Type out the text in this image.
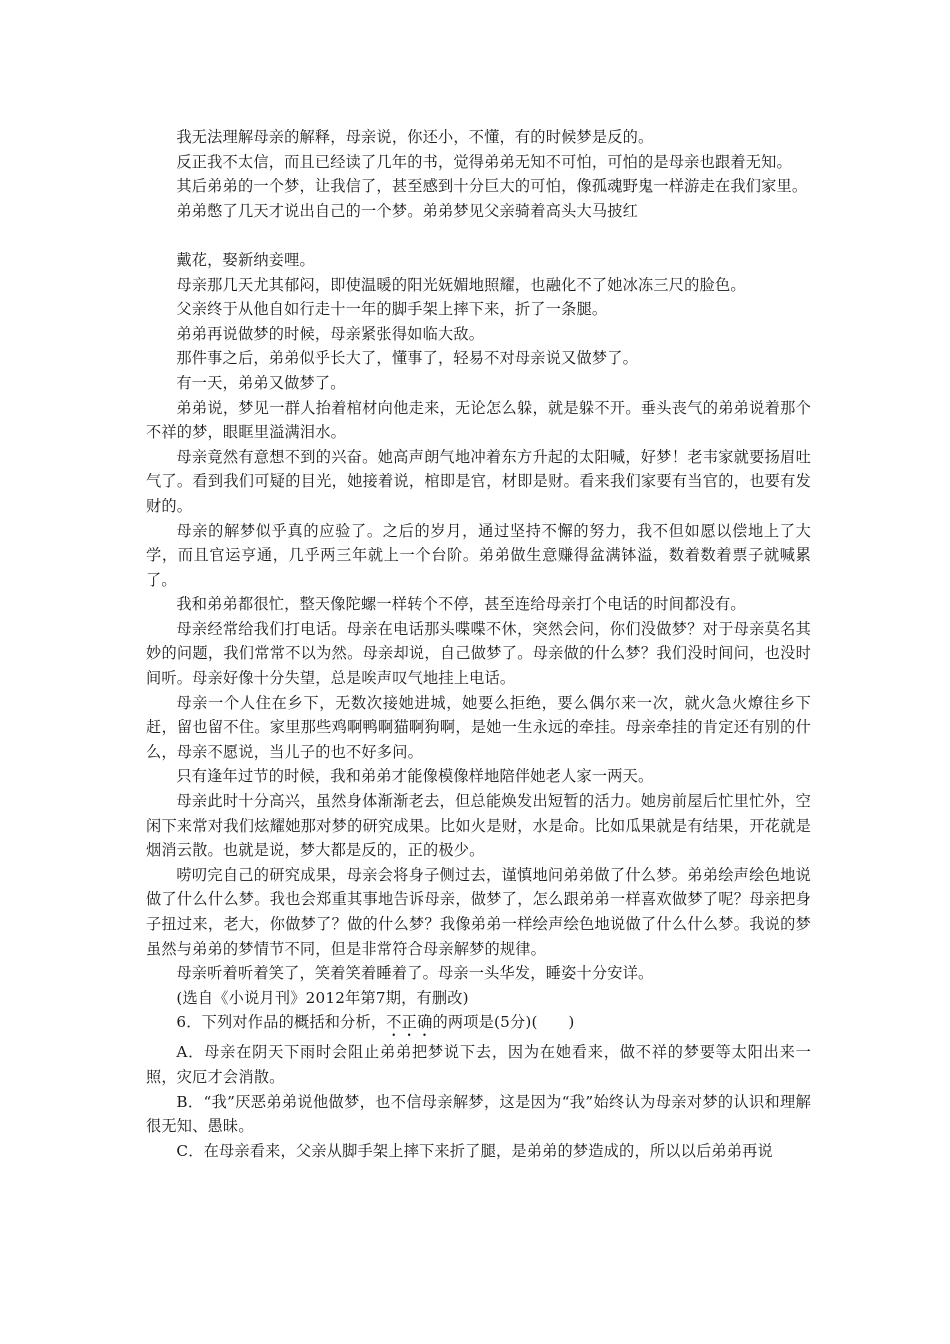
我无法理解母亲的解释，母亲说，你还小，不懂，有的时候梦是反的。

反正我不太信，而且已经读了几年的书，觉得弟弟无知不可怕，可怕的是母亲也跟着无知。

其后弟弟的一个梦，让我信了，甚至感到十分巨大的可怕，像孤魂野鬼一样游走在我们家里。

弟弟憋了几天才说出自己的一个梦。弟弟梦见父亲骑着高头大马披红

戴花，娶新纳妾哩。

母亲那几天尤其郁闷，即使温暖的阳光妩媚地照耀，也融化不了她冰冻三尺的脸色。

父亲终于从他自如行走十一年的脚手架上摔下来，折了一条腿。

弟弟再说做梦的时候，母亲紧张得如临大敌。

那件事之后，弟弟似乎长大了，懂事了，轻易不对母亲说又做梦了。

有一天，弟弟又做梦了。

弟弟说，梦见一群人抬着棺材向他走来，无论怎么躲，就是躲不开。垂头丧气的弟弟说着那个不祥的梦，眼眶里溢满泪水。

母亲竟然有意想不到的兴奋。她高声朗气地冲着东方升起的太阳喊，好梦！老韦家就要扬眉吐气了。看到我们可疑的目光，她接着说，棺即是官，材即是财。看来我们家要有当官的，也要有发财的。

母亲的解梦似乎真的应验了。之后的岁月，通过坚持不懈的努力，我不但如愿以偿地上了大学，而且官运亨通，几乎两三年就上一个台阶。弟弟做生意赚得盆满钵溢，数着数着票子就喊累了。

我和弟弟都很忙，整天像陀螺一样转个不停，甚至连给母亲打个电话的时间都没有。

母亲经常给我们打电话。母亲在电话那头喋喋不休，突然会问，你们没做梦？对于母亲莫名其妙的问题，我们常常不以为然。母亲却说，自己做梦了。母亲做的什么梦？我们没时间问，也没时间听。母亲好像十分失望，总是唉声叹气地挂上电话。

母亲一个人住在乡下，无数次接她进城，她要么拒绝，要么偶尔来一次，就火急火燎往乡下赶，留也留不住。家里那些鸡啊鸭啊猫啊狗啊，是她一生永远的牵挂。母亲牵挂的肯定还有别的什么，母亲不愿说，当儿子的也不好多问。

只有逢年过节的时候，我和弟弟才能像模像样地陪伴她老人家一两天。

母亲此时十分高兴，虽然身体渐渐老去，但总能焕发出短暂的活力。她房前屋后忙里忙外，空闲下来常对我们炫耀她那对梦的研究成果。比如火是财，水是命。比如瓜果就是有结果，开花就是烟消云散。也就是说，梦大都是反的，正的极少。

唠叨完自己的研究成果，母亲会将身子侧过去，谨慎地问弟弟做了什么梦。弟弟绘声绘色地说做了什么什么梦。我也会郑重其事地告诉母亲，做梦了，怎么跟弟弟一样喜欢做梦了呢？母亲把身子扭过来，老大，你做梦了？做的什么梦？我像弟弟一样绘声绘色地说做了什么什么梦。我说的梦虽然与弟弟的梦情节不同，但是非常符合母亲解梦的规律。

母亲听着听着笑了，笑着笑着睡着了。母亲一头华发，睡姿十分安详。

(选自《小说月刊》2012年第7期，有删改)

6．下列对作品的概括和分析，不正确的两项是(5分)(　　)

A．母亲在阴天下雨时会阻止弟弟把梦说下去，因为在她看来，做不祥的梦要等太阳出来一照，灾厄才会消散。

B．“我”厌恶弟弟说他做梦，也不信母亲解梦，这是因为“我”始终认为母亲对梦的认识和理解很无知、愚昧。

C．在母亲看来，父亲从脚手架上摔下来折了腿，是弟弟的梦造成的，所以以后弟弟再说
